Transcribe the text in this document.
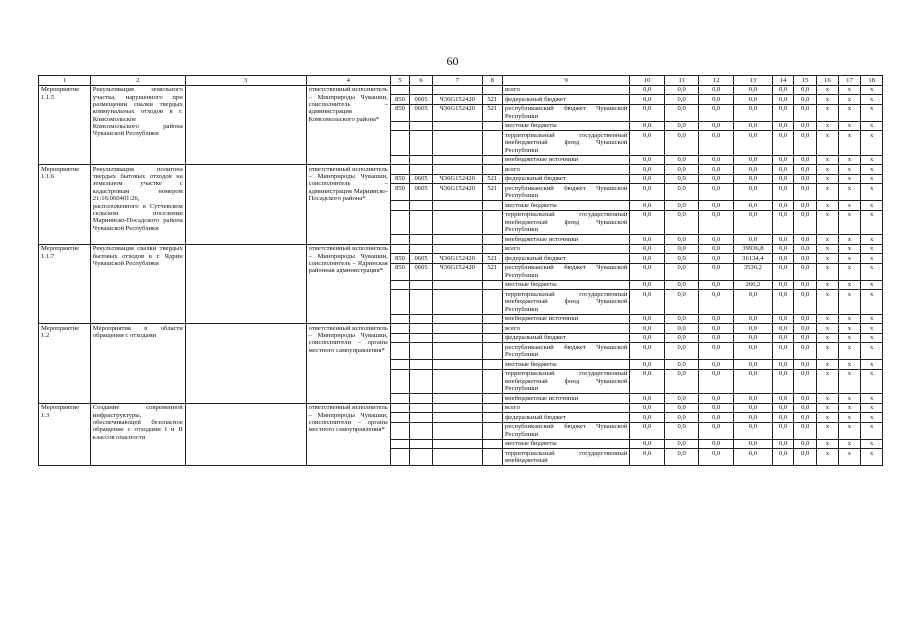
60
1	2	3	4	5	6	7	8	9	10	11	12	13	14	15	16	17	18
Мероприятие 1.1.5	Рекультивация земельного участка, нарушенного при размещении свалки твердых коммунальных отходов в г. Комсомольское Комсомольского района Чувашской Республики		ответственный исполнитель – Минприроды Чувашии, соисполнитель – администрация Комсомольского района*					всего	0,0	0,0	0,0	0,0	0,0	0,0	x	x	x
				850	0605	Ч36G152420	521	федеральный бюджет	0,0	0,0	0,0	0,0	0,0	0,0	x	x	x
				850	0605	Ч36G152420	521	республиканский бюджет Чувашской Республики	0,0	0,0	0,0	0,0	0,0	0,0	x	x	x
								местные бюджеты	0,0	0,0	0,0	0,0	0,0	0,0	x	x	x
								территориальный государственный внебюджетный фонд Чувашской Республики	0,0	0,0	0,0	0,0	0,0	0,0	x	x	x
								внебюджетные источники	0,0	0,0	0,0	0,0	0,0	0,0	x	x	x
Мероприятие 1.1.6	Рекультивация полигона твердых бытовых отходов на земельном участке с кадастровым номером 21:16:060401:26, расположенного в Сутчевском сельском поселении Мариинско-Посадского района Чувашской Республики		ответственный исполнитель – Минприроды Чувашии, соисполнитель – администрация Мариинско-Посадского района*					всего	0,0	0,0	0,0	0,0	0,0	0,0	x	x	x
				850	0605	Ч36G152420	521	федеральный бюджет	0,0	0,0	0,0	0,0	0,0	0,0	x	x	x
				850	0605	Ч36G152420	521	республиканский бюджет Чувашской Республики	0,0	0,0	0,0	0,0	0,0	0,0	x	x	x
								местные бюджеты	0,0	0,0	0,0	0,0	0,0	0,0	x	x	x
								территориальный государственный внебюджетный фонд Чувашской Республики	0,0	0,0	0,0	0,0	0,0	0,0	x	x	x
								внебюджетные источники	0,0	0,0	0,0	0,0	0,0	0,0	x	x	x
Мероприятие 1.1.7	Рекультивация свалки твердых бытовых отходов в г. Ядрин Чувашской Республики		ответственный исполнитель – Минприроды Чувашии, соисполнитель – Ядринская районная администрация*					всего	0,0	0,0	0,0	39936,8	0,0	0,0	x	x	x
				850	0605	Ч36G152420	521	федеральный бюджет	0,0	0,0	0,0	36134,4	0,0	0,0	x	x	x
				850	0605	Ч36G152420	521	республиканский бюджет Чувашской Республики	0,0	0,0	0,0	3536,2	0,0	0,0	x	x	x
								местные бюджеты	0,0	0,0	0,0	266,2	0,0	0,0	x	x	x
								территориальный государственный внебюджетный фонд Чувашской Республики	0,0	0,0	0,0	0,0	0,0	0,0	x	x	x
								внебюджетные источники	0,0	0,0	0,0	0,0	0,0	0,0	x	x	x
Мероприятие 1.2	Мероприятия в области обращения с отходами		ответственный исполнитель – Минприроды Чувашии, соисполнители – органы местного самоуправления*					всего	0,0	0,0	0,0	0,0	0,0	0,0	x	x	x
								федеральный бюджет	0,0	0,0	0,0	0,0	0,0	0,0	x	x	x
								республиканский бюджет Чувашской Республики	0,0	0,0	0,0	0,0	0,0	0,0	x	x	x
								местные бюджеты	0,0	0,0	0,0	0,0	0,0	0,0	x	x	x
								территориальный государственный внебюджетный фонд Чувашской Республики	0,0	0,0	0,0	0,0	0,0	0,0	x	x	x
								внебюджетные источники	0,0	0,0	0,0	0,0	0,0	0,0	x	x	x
Мероприятие 1.3	Создание современной инфраструктуры, обеспечивающей безопасное обращение с отходами I и II классов опасности		ответственный исполнитель – Минприроды Чувашии, соисполнители – органы местного самоуправления*					всего	0,0	0,0	0,0	0,0	0,0	0,0	x	x	x
								федеральный бюджет	0,0	0,0	0,0	0,0	0,0	0,0	x	x	x
								республиканский бюджет Чувашской Республики	0,0	0,0	0,0	0,0	0,0	0,0	x	x	x
								местные бюджеты	0,0	0,0	0,0	0,0	0,0	0,0	x	x	x
								территориальный государственный внебюджетный	0,0	0,0	0,0	0,0	0,0	0,0	x	x	x
